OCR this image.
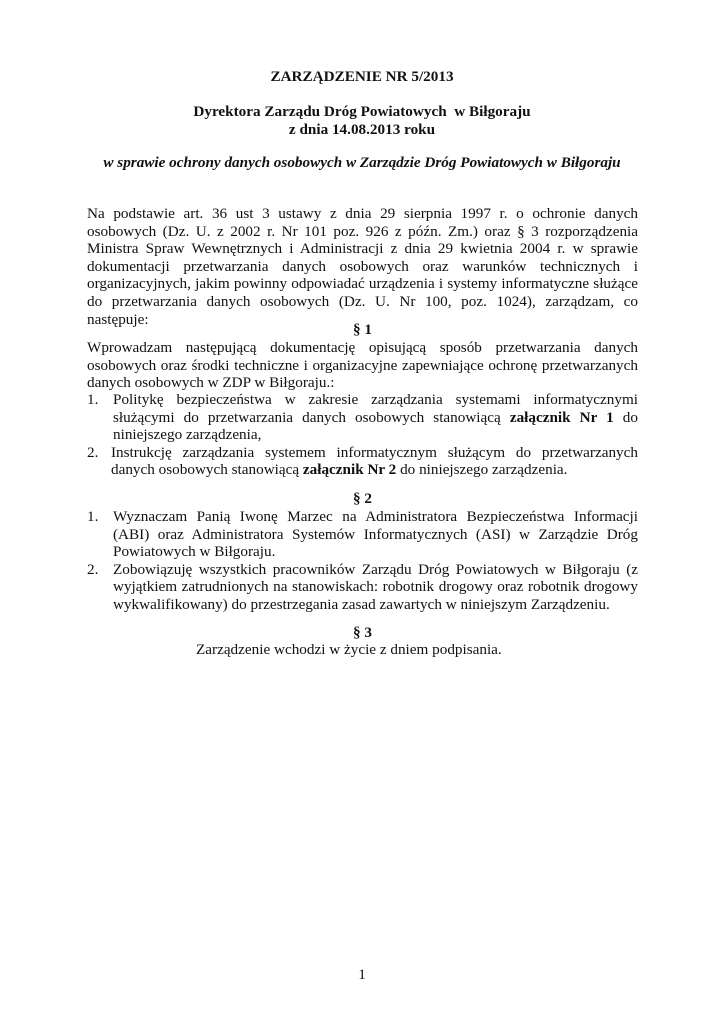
ZARZĄDZENIE NR 5/2013
Dyrektora Zarządu Dróg Powiatowych  w Biłgoraju
z dnia 14.08.2013 roku
w sprawie ochrony danych osobowych w Zarządzie Dróg Powiatowych w Biłgoraju
Na podstawie art. 36 ust 3 ustawy z dnia 29 sierpnia 1997 r. o ochronie danych osobowych (Dz. U. z 2002 r. Nr 101 poz. 926 z późn. Zm.) oraz § 3 rozporządzenia Ministra Spraw Wewnętrznych i Administracji z dnia 29 kwietnia 2004 r. w sprawie dokumentacji przetwarzania danych osobowych oraz warunków technicznych i organizacyjnych, jakim powinny odpowiadać urządzenia i systemy informatyczne służące do przetwarzania danych osobowych (Dz. U. Nr 100, poz. 1024), zarządzam, co następuje:
§ 1
Wprowadzam następującą dokumentację opisującą sposób przetwarzania danych osobowych oraz środki techniczne i organizacyjne zapewniające ochronę przetwarzanych danych osobowych w ZDP w Biłgoraju.:
1. Politykę bezpieczeństwa w zakresie zarządzania systemami informatycznymi służącymi do przetwarzania danych osobowych stanowiącą załącznik Nr 1 do niniejszego zarządzenia,
2. Instrukcję zarządzania systemem informatycznym służącym do przetwarzanych danych osobowych stanowiącą załącznik Nr 2 do niniejszego zarządzenia.
§ 2
1. Wyznaczam Panią Iwonę Marzec na Administratora Bezpieczeństwa Informacji (ABI) oraz Administratora Systemów Informatycznych (ASI) w Zarządzie Dróg Powiatowych w Biłgoraju.
2. Zobowiązuję wszystkich pracowników Zarządu Dróg Powiatowych w Biłgoraju (z wyjątkiem zatrudnionych na stanowiskach: robotnik drogowy oraz robotnik drogowy wykwalifikowany) do przestrzegania zasad zawartych w niniejszym Zarządzeniu.
§ 3
Zarządzenie wchodzi w życie z dniem podpisania.
1
